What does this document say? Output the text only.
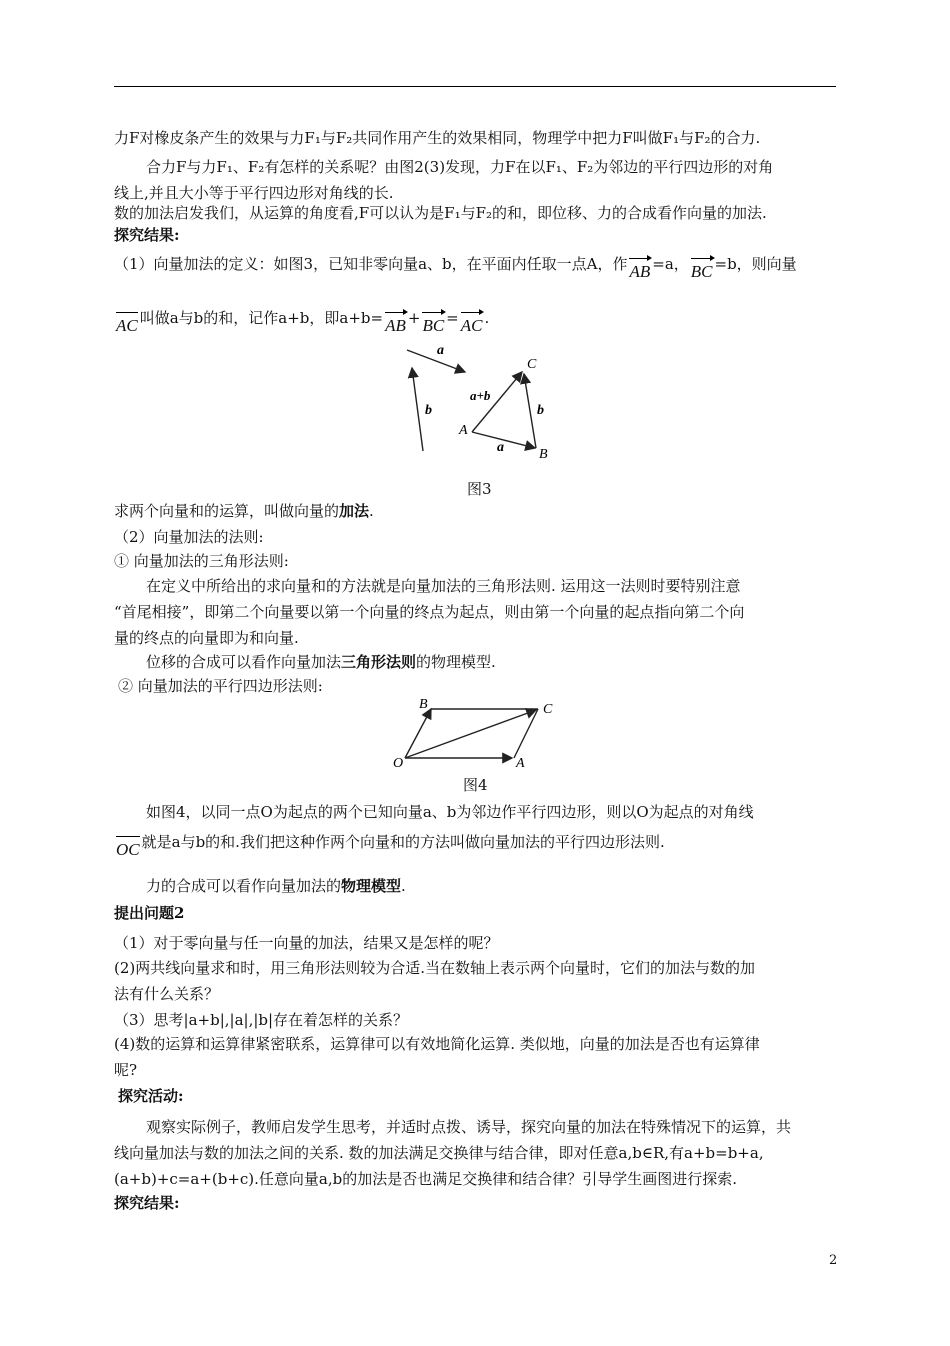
力F对橡皮条产生的效果与力F₁与F₂共同作用产生的效果相同，物理学中把力F叫做F₁与F₂的合力.
合力F与力F₁、F₂有怎样的关系呢？由图2(3)发现，力F在以F₁、F₂为邻边的平行四边形的对角
线上,并且大小等于平行四边形对角线的长.
数的加法启发我们，从运算的角度看,F可以认为是F₁与F₂的和，即位移、力的合成看作向量的加法.
探究结果:
（1）向量加法的定义：如图3，已知非零向量a、b，在平面内任取一点A，作 AB =a， BC =b，则向量
AC 叫做a与b的和，记作a+b，即a+b= AB + BC = AC .
a
b
a+b
b
a
A
B
C
图3
求两个向量和的运算，叫做向量的加法.
（2）向量加法的法则:
① 向量加法的三角形法则:
在定义中所给出的求向量和的方法就是向量加法的三角形法则. 运用这一法则时要特别注意
“首尾相接”，即第二个向量要以第一个向量的终点为起点，则由第一个向量的起点指向第二个向
量的终点的向量即为和向量.
位移的合成可以看作向量加法三角形法则的物理模型.
② 向量加法的平行四边形法则:
O	A
B	C
图4
如图4，以同一点O为起点的两个已知向量a、b为邻边作平行四边形，则以O为起点的对角线
OC 就是a与b的和.我们把这种作两个向量和的方法叫做向量加法的平行四边形法则.
力的合成可以看作向量加法的物理模型.
提出问题2
（1）对于零向量与任一向量的加法，结果又是怎样的呢？
(2)两共线向量求和时，用三角形法则较为合适.当在数轴上表示两个向量时，它们的加法与数的加
法有什么关系？
（3）思考|a+b|,|a|,|b|存在着怎样的关系？
(4)数的运算和运算律紧密联系，运算律可以有效地简化运算. 类似地，向量的加法是否也有运算律
呢?
探究活动:
观察实际例子，教师启发学生思考，并适时点拨、诱导，探究向量的加法在特殊情况下的运算，共
线向量加法与数的加法之间的关系. 数的加法满足交换律与结合律，即对任意a,b∈R,有a+b=b+a,
(a+b)+c=a+(b+c).任意向量a,b的加法是否也满足交换律和结合律？引导学生画图进行探索.
探究结果:
2
